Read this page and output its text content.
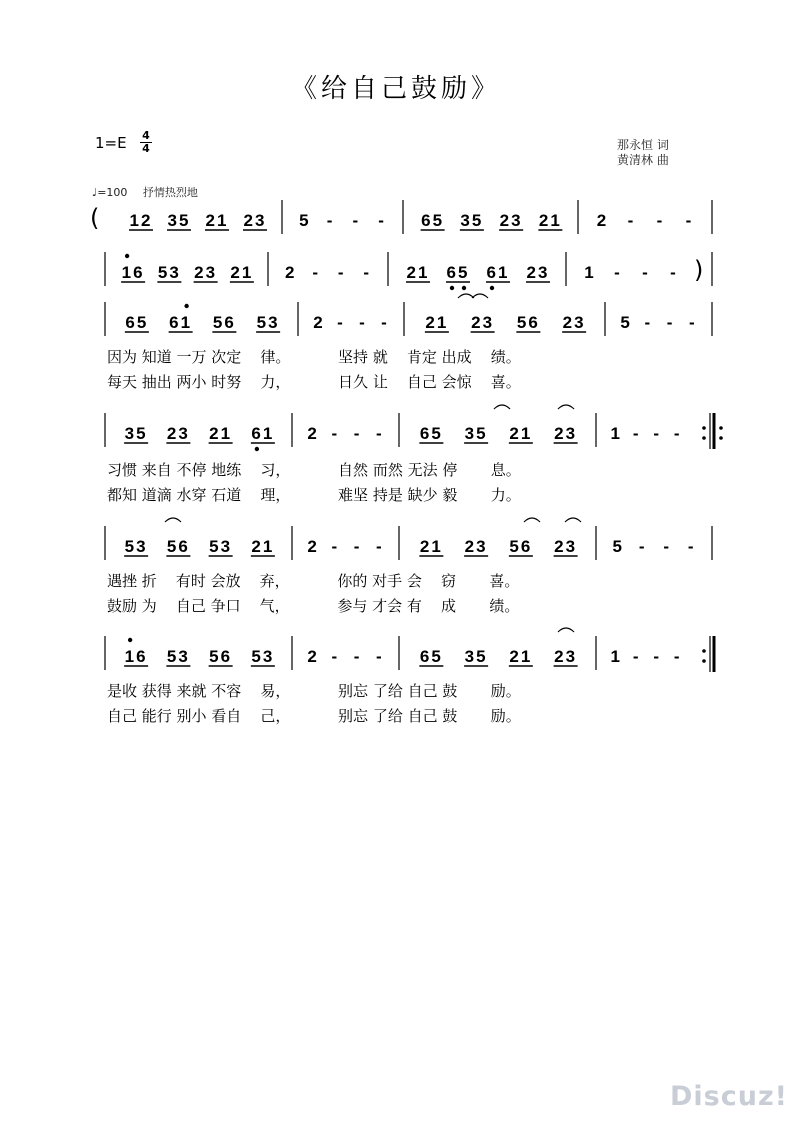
《给自己鼓励》
$1=E \frac{4}{4}$	那永恒 词
黄清林 曲
♩=100 抒情热烈地
( 12 35 21 23 5 - - - 65 35 23 21 2 - - -
16 53 23 21 2 - - - 21 65 61 23 1 - - - )
65 61 56 53 2 - - - 21 23 56 23 5 - - -
35 23 21 61 2 - - - 65 35 21 23 1 - - -
53 56 53 21 2 - - - 21 23 56 23 5 - - -
16 53 56 53 2 - - - 65 35 21 23 1 - - -
因为 知道 一万 次定    律。          坚持 就    肯定 出成    绩。
每天 抽出 两小 时努    力，          日久 让    自己 会惊    喜。
习惯 来自 不停 地练    习，          自然 而然 无法 停       息。
都知 道滴 水穿 石道    理，          难坚 持是 缺少 毅       力。
遇挫 折    有时 会放    弃，          你的 对手 会    窃       喜。
鼓励 为    自己 争口    气，          参与 才会 有    成       绩。
是收 获得 来就 不容    易，          别忘 了给 自己 鼓       励。
自己 能行 别小 看自    己，          别忘 了给 自己 鼓       励。
Discuz!
